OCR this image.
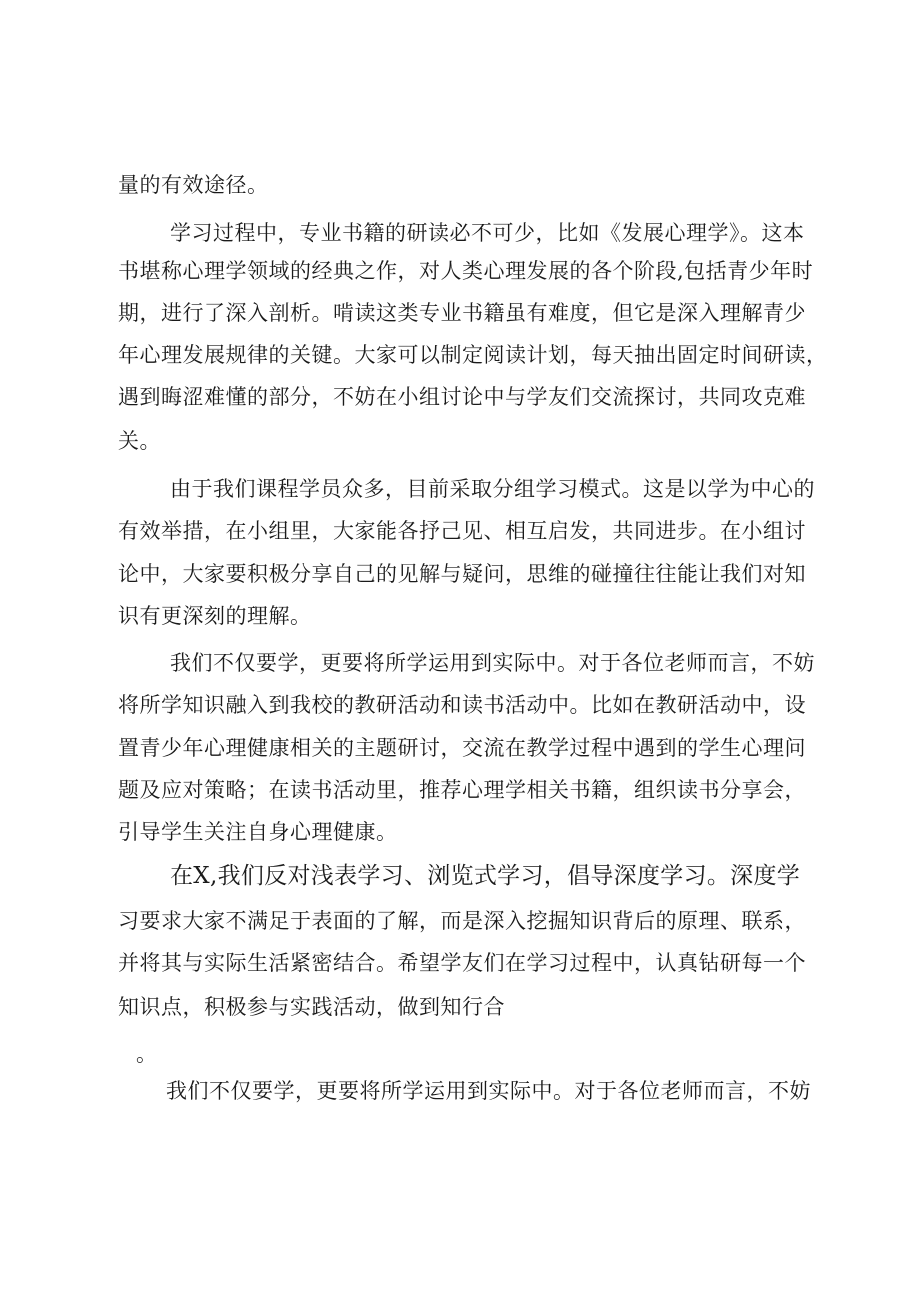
量的有效途径。

学习过程中，专业书籍的研读必不可少，比如《发展心理学》。这本

书堪称心理学领域的经典之作，对人类心理发展的各个阶段,包括青少年时

期，进行了深入剖析。啃读这类专业书籍虽有难度，但它是深入理解青少

年心理发展规律的关键。大家可以制定阅读计划，每天抽出固定时间研读，

遇到晦涩难懂的部分，不妨在小组讨论中与学友们交流探讨，共同攻克难

关。

由于我们课程学员众多，目前采取分组学习模式。这是以学为中心的

有效举措，在小组里，大家能各抒己见、相互启发，共同进步。在小组讨

论中，大家要积极分享自己的见解与疑问，思维的碰撞往往能让我们对知

识有更深刻的理解。

我们不仅要学，更要将所学运用到实际中。对于各位老师而言，不妨

将所学知识融入到我校的教研活动和读书活动中。比如在教研活动中，设

置青少年心理健康相关的主题研讨，交流在教学过程中遇到的学生心理问

题及应对策略；在读书活动里，推荐心理学相关书籍，组织读书分享会，

引导学生关注自身心理健康。

在X,我们反对浅表学习、浏览式学习，倡导深度学习。深度学

习要求大家不满足于表面的了解，而是深入挖掘知识背后的原理、联系，

并将其与实际生活紧密结合。希望学友们在学习过程中，认真钻研每一个

知识点，积极参与实践活动，做到知行合

。

我们不仅要学，更要将所学运用到实际中。对于各位老师而言，不妨
